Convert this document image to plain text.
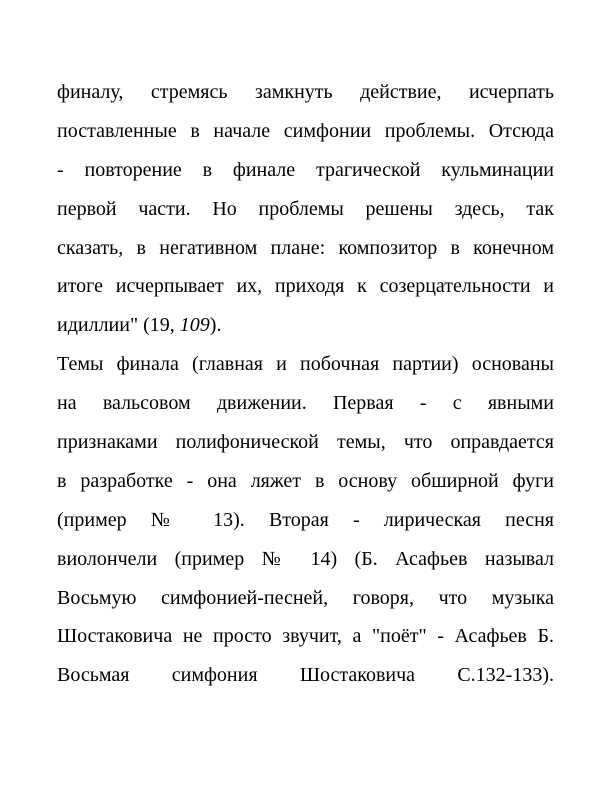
финалу, стремясь замкнуть действие, исчерпать
поставленные в начале симфонии проблемы. Отсюда
- повторение в финале трагической кульминации
первой части. Но проблемы решены здесь, так
сказать, в негативном плане: композитор в конечном
итоге исчерпывает их, приходя к созерцательности и
идиллии" (19, 109).
Темы финала (главная и побочная партии) основаны
на вальсовом движении. Первая - с явными
признаками полифонической темы, что оправдается
в разработке - она ляжет в основу обширной фуги
(пример № 13). Вторая - лирическая песня
виолончели (пример № 14) (Б. Асафьев называл
Восьмую симфонией-песней, говоря, что музыка
Шостаковича не просто звучит, а "поёт" - Асафьев Б.
Восьмая симфония Шостаковича С.132-133).
